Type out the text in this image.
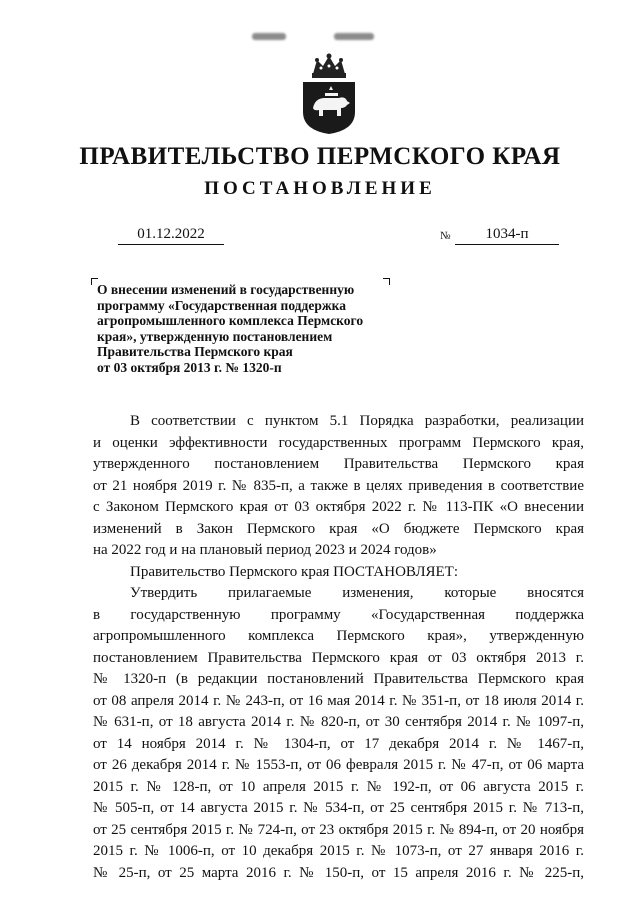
ПРАВИТЕЛЬСТВО ПЕРМСКОГО КРАЯ
ПОСТАНОВЛЕНИЕ
01.12.2022	№	1034-п
О внесении изменений в государственную
программу «Государственная поддержка
агропромышленного комплекса Пермского
края», утвержденную постановлением
Правительства Пермского края
от 03 октября 2013 г. № 1320-п
В соответствии с пунктом 5.1 Порядка разработки, реализации
и оценки эффективности государственных программ Пермского края,
утвержденного постановлением Правительства Пермского края
от 21 ноября 2019 г. № 835-п, а также в целях приведения в соответствие
с Законом Пермского края от 03 октября 2022 г. № 113-ПК «О внесении
изменений в Закон Пермского края «О бюджете Пермского края
на 2022 год и на плановый период 2023 и 2024 годов»
Правительство Пермского края ПОСТАНОВЛЯЕТ:
Утвердить прилагаемые изменения, которые вносятся
в государственную программу «Государственная поддержка
агропромышленного комплекса Пермского края», утвержденную
постановлением Правительства Пермского края от 03 октября 2013 г.
№ 1320-п (в редакции постановлений Правительства Пермского края
от 08 апреля 2014 г. № 243-п, от 16 мая 2014 г. № 351-п, от 18 июля 2014 г.
№ 631-п, от 18 августа 2014 г. № 820-п, от 30 сентября 2014 г. № 1097-п,
от 14 ноября 2014 г. № 1304-п, от 17 декабря 2014 г. № 1467-п,
от 26 декабря 2014 г. № 1553-п, от 06 февраля 2015 г. № 47-п, от 06 марта
2015 г. № 128-п, от 10 апреля 2015 г. № 192-п, от 06 августа 2015 г.
№ 505-п, от 14 августа 2015 г. № 534-п, от 25 сентября 2015 г. № 713-п,
от 25 сентября 2015 г. № 724-п, от 23 октября 2015 г. № 894-п, от 20 ноября
2015 г. № 1006-п, от 10 декабря 2015 г. № 1073-п, от 27 января 2016 г.
№ 25-п, от 25 марта 2016 г. № 150-п, от 15 апреля 2016 г. № 225-п,
